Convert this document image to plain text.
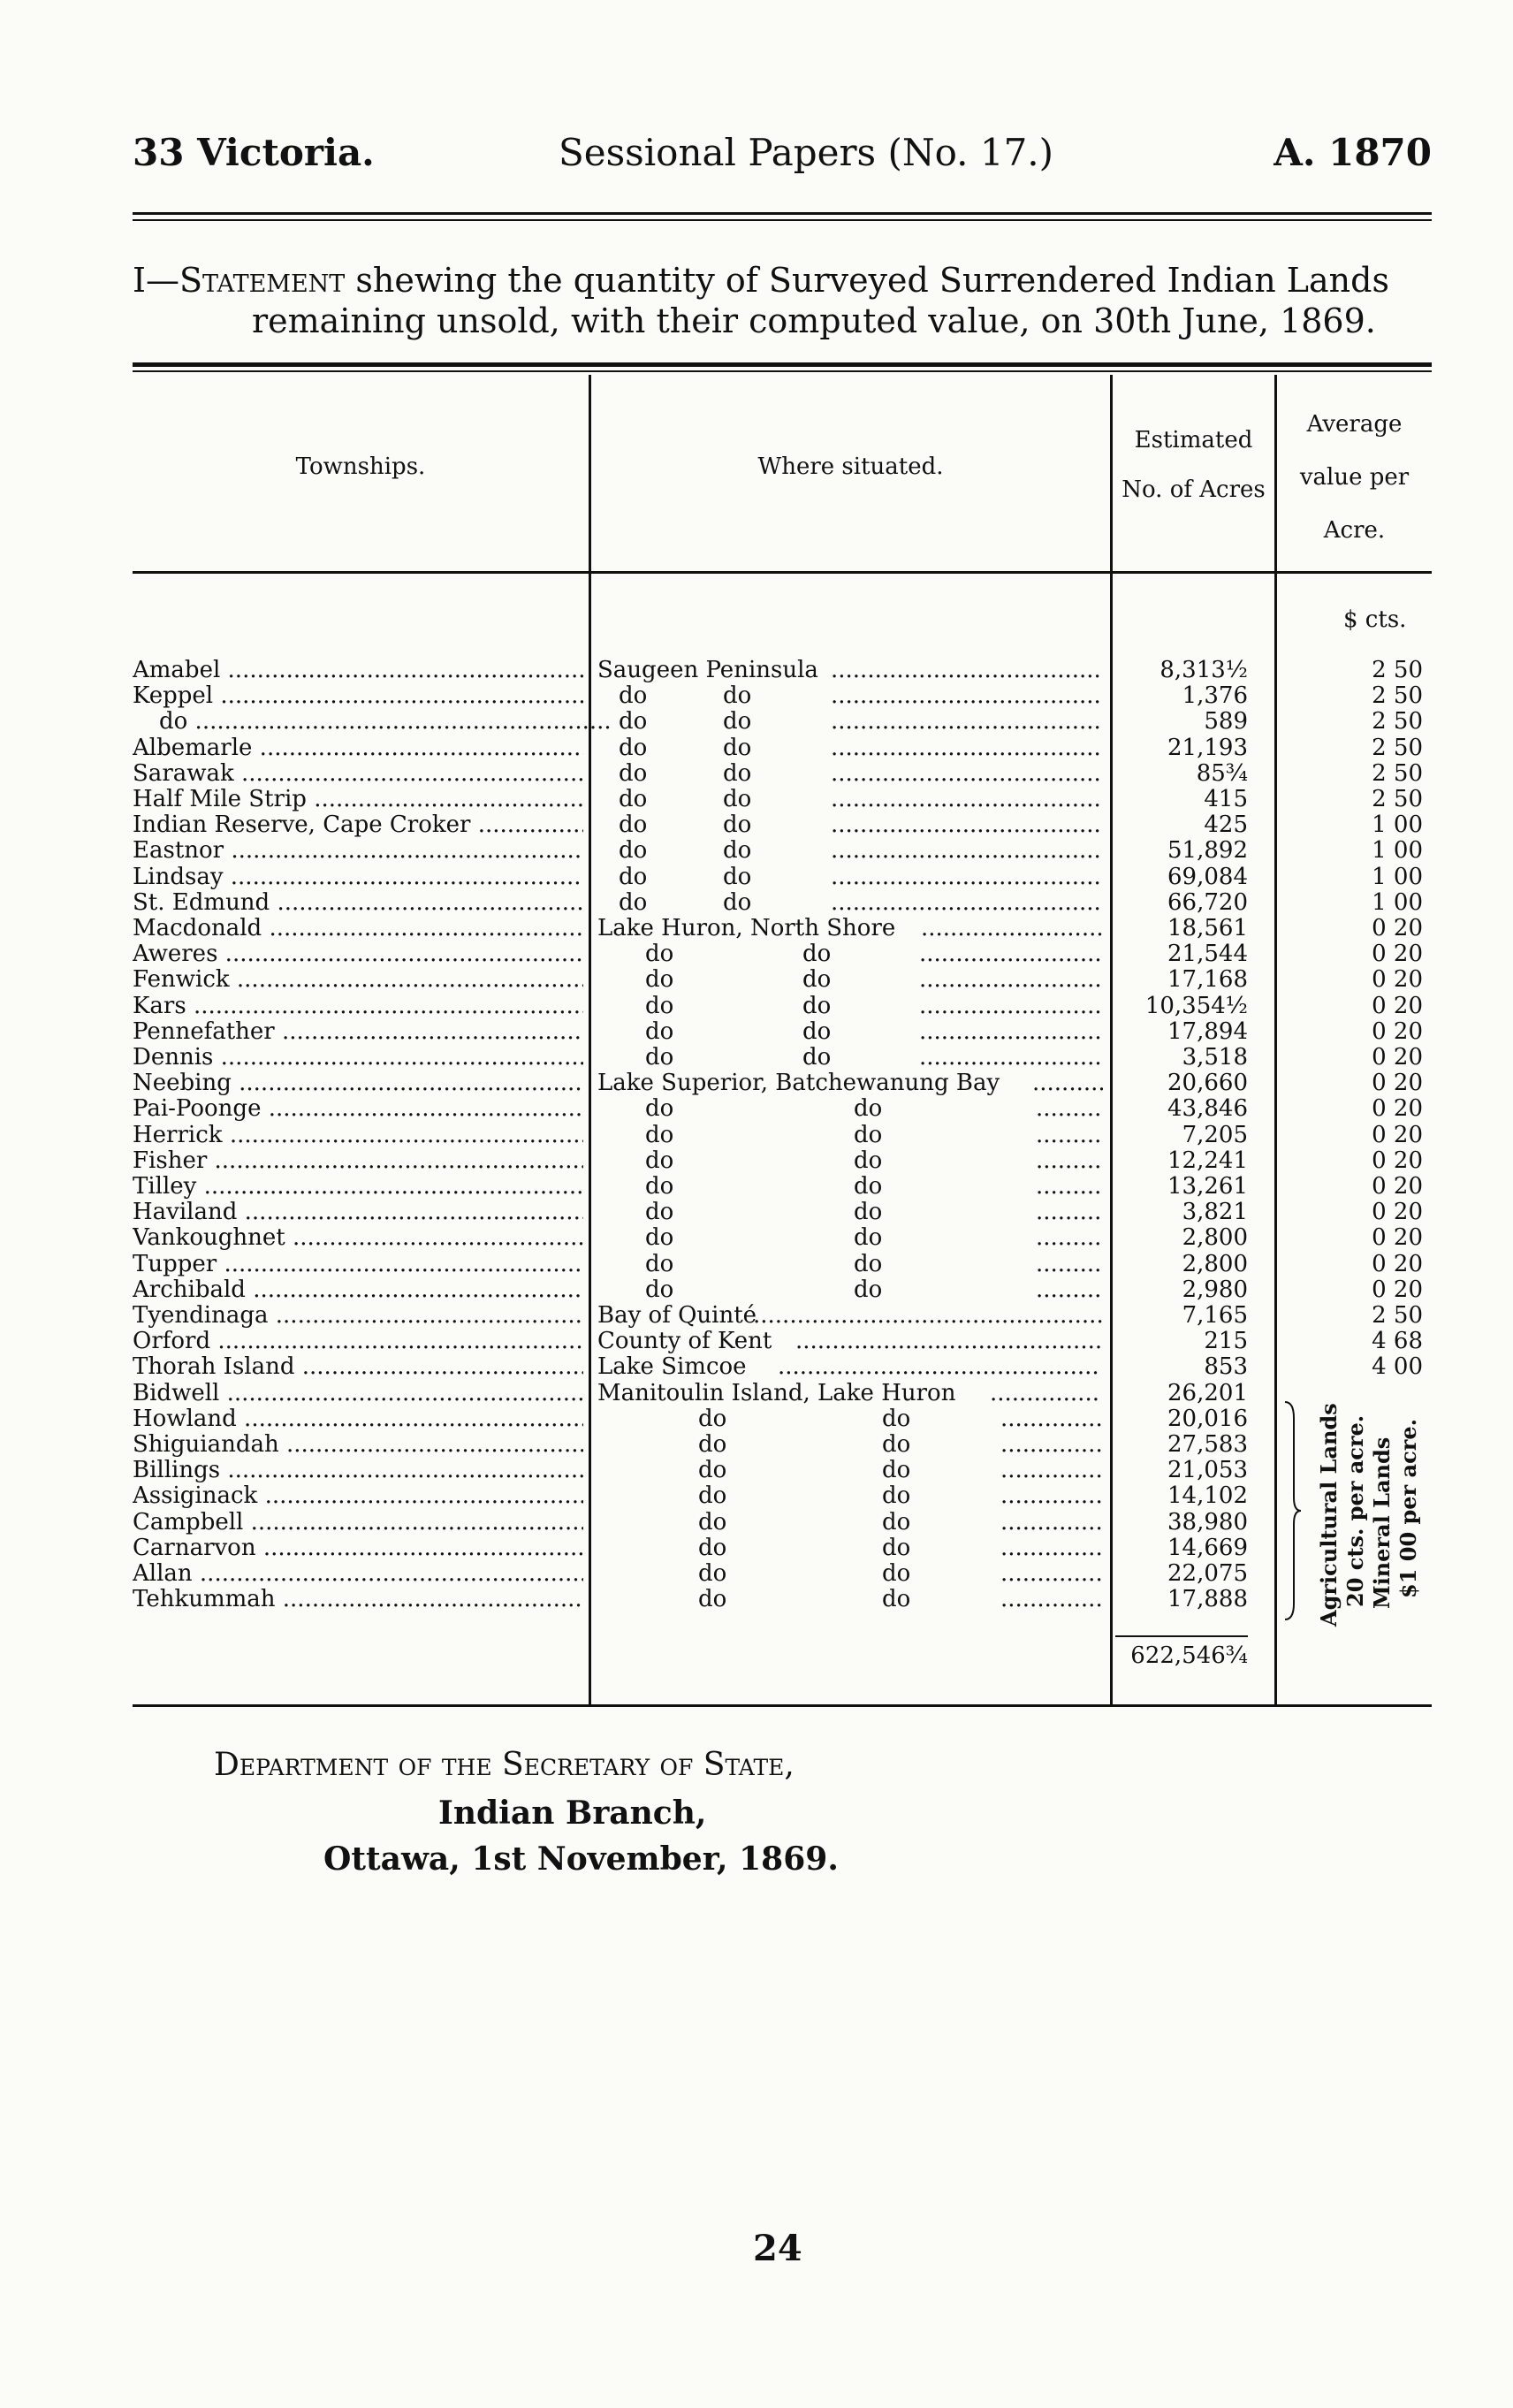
33 Victoria.	Sessional Papers (No. 17.)	A. 1870
I—Statement shewing the quantity of Surveyed Surrendered Indian Lands
remaining unsold, with their computed value, on 30th June, 1869.
Townships.	Where situated.
Estimated
No. of Acres
Average
value per
Acre.
$ cts.
Amabel .....	Saugeen Peninsula .....	8,313½	2 50
Keppel .....	do	do .....	1,376	2 50
do .....	do	do .....	589	2 50
Albemarle .....	do	do .....	21,193	2 50
Sarawak .....	do	do .....	85¾	2 50
Half Mile Strip .....	do	do .....	415	2 50
Indian Reserve, Cape Croker .....	do	do .....	425	1 00
Eastnor .....	do	do .....	51,892	1 00
Lindsay .....	do	do .....	69,084	1 00
St. Edmund .....	do	do .....	66,720	1 00
Macdonald .....	Lake Huron, North Shore .....	18,561	0 20
Aweres .....	do	do .....	21,544	0 20
Fenwick .....	do	do .....	17,168	0 20
Kars .....	do	do .....	10,354½	0 20
Pennefather .....	do	do .....	17,894	0 20
Dennis .....	do	do .....	3,518	0 20
Neebing .....	Lake Superior, Batchewanung Bay .....	20,660	0 20
Pai-Poonge .....	do	do .....	43,846	0 20
Herrick .....	do	do .....	7,205	0 20
Fisher .....	do	do .....	12,241	0 20
Tilley .....	do	do .....	13,261	0 20
Haviland .....	do	do .....	3,821	0 20
Vankoughnet .....	do	do .....	2,800	0 20
Tupper .....	do	do .....	2,800	0 20
Archibald .....	do	do .....	2,980	0 20
Tyendinaga .....	Bay of Quinté .....	7,165	2 50
Orford .....	County of Kent .....	215	4 68
Thorah Island .....	Lake Simcoe .....	853	4 00
Bidwell .....	Manitoulin Island, Lake Huron .....	26,201
Howland .....	do	do .....	20,016
Shiguiandah .....	do	do .....	27,583
Billings .....	do	do .....	21,053
Assiginack .....	do	do .....	14,102
Campbell .....	do	do .....	38,980
Carnarvon .....	do	do .....	14,669
Allan .....	do	do .....	22,075
Tehkummah .....	do	do .....	17,888
622,546¾
Agricultural Lands 20 cts. per acre. Mineral Lands $1 00 per acre.
Department of the Secretary of State,
Indian Branch,
Ottawa, 1st November, 1869.
24
